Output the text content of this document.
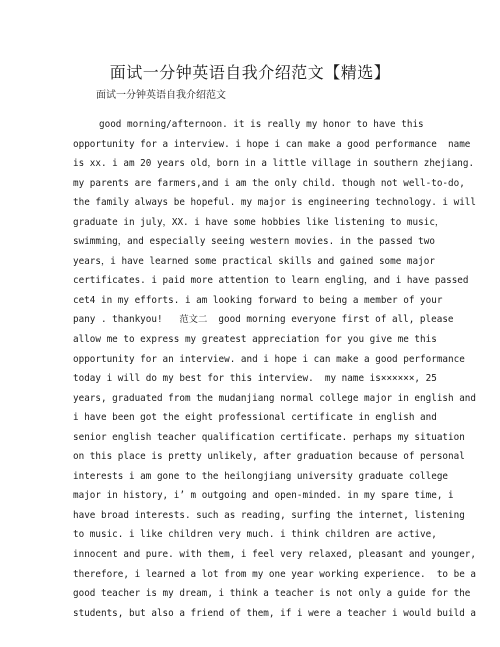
面试一分钟英语自我介绍范文【精选】
面试一分钟英语自我介绍范文
good morning/afternoon. it is really my honor to have this
opportunity for a interview. i hope i can make a good performance  name
is xx. i am 20 years old，born in a little village in southern zhejiang.
my parents are farmers,and i am the only child. though not well-to-do,
the family always be hopeful. my major is engineering technology. i will
graduate in july，XX. i have some hobbies like listening to music，
swimming，and especially seeing western movies. in the passed two
years，i have learned some practical skills and gained some major
certificates. i paid more attention to learn engling，and i have passed
cet4 in my efforts. i am looking forward to being a member of your
pany . thankyou!   范文二  good morning everyone first of all, please
allow me to express my greatest appreciation for you give me this
opportunity for an interview. and i hope i can make a good performance
today i will do my best for this interview.  my name is××××××, 25
years, graduated from the mudanjiang normal college major in english and
i have been got the eight professional certificate in english and
senior english teacher qualification certificate. perhaps my situation
on this place is pretty unlikely, after graduation because of personal
interests i am gone to the heilongjiang university graduate college
major in history, i’ m outgoing and open-minded. in my spare time, i
have broad interests. such as reading, surfing the internet, listening
to music. i like children very much. i think children are active,
innocent and pure. with them, i feel very relaxed, pleasant and younger,
therefore, i learned a lot from my one year working experience.  to be a
good teacher is my dream, i think a teacher is not only a guide for the
students, but also a friend of them, if i were a teacher i would build a
